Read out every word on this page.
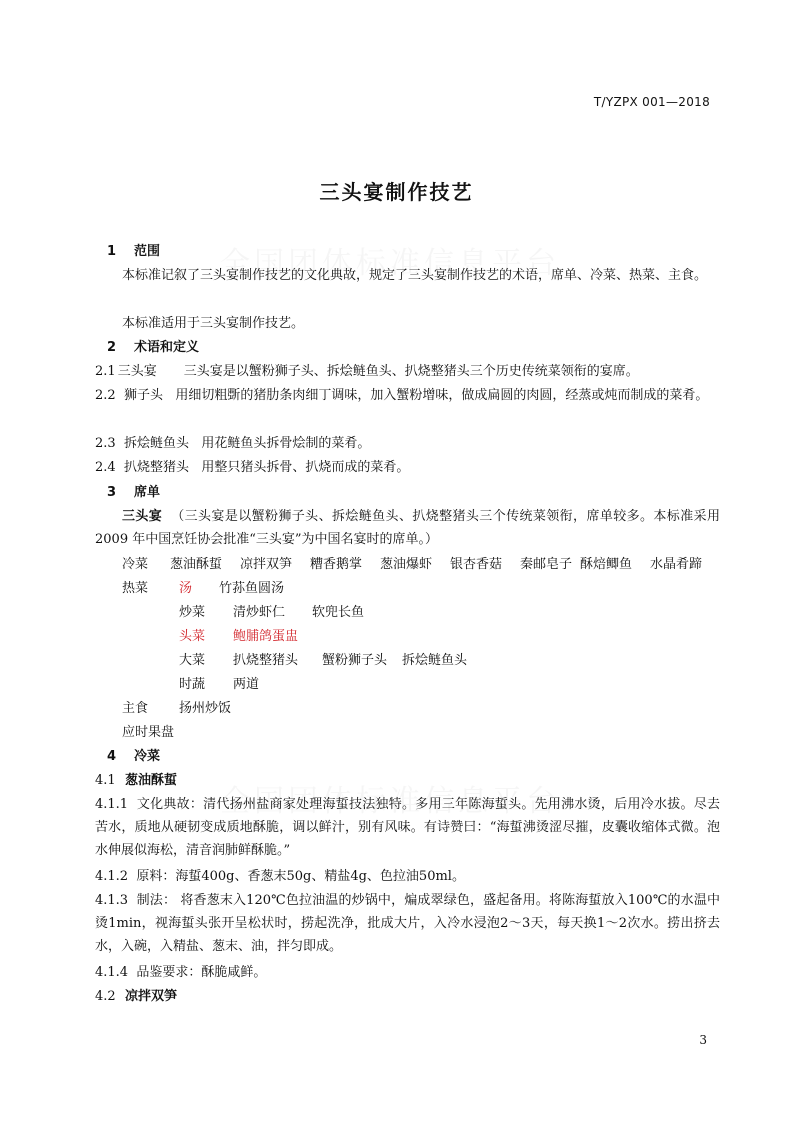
T/YZPX 001—2018
三头宴制作技艺
1 范围
本标准记叙了三头宴制作技艺的文化典故，规定了三头宴制作技艺的术语，席单、冷菜、热菜、主食。
本标准适用于三头宴制作技艺。
2 术语和定义
2.1 三头宴 三头宴是以蟹粉狮子头、拆烩鲢鱼头、扒烧整猪头三个历史传统菜领衔的宴席。
2.2 狮子头 用细切粗斲的猪肋条肉细丁调味，加入蟹粉增味，做成扁圆的肉圆，经蒸或炖而制成的菜肴。
2.3 拆烩鲢鱼头 用花鲢鱼头拆骨烩制的菜肴。
2.4 扒烧整猪头 用整只猪头拆骨、扒烧而成的菜肴。
3 席单
三头宴 （三头宴是以蟹粉狮子头、拆烩鲢鱼头、扒烧整猪头三个传统菜领衔，席单较多。本标准采用 2009 年中国烹饪协会批准“三头宴”为中国名宴时的席单。）
冷菜 葱油酥蜇 凉拌双笋 糟香鹅掌 葱油爆虾 银杏香菇 秦邮皂子 酥焙鲫鱼 水晶肴蹄
热菜 汤 竹荪鱼圆汤
炒菜 清炒虾仁 软兜长鱼
头菜 鲍脯鸽蛋盅
大菜 扒烧整猪头 蟹粉狮子头 拆烩鲢鱼头
时蔬 两道
主食 扬州炒饭
应时果盘
4 冷菜
4.1 葱油酥蜇
4.1.1 文化典故：清代扬州盐商家处理海蜇技法独特。多用三年陈海蜇头。先用沸水烫，后用冷水拔。尽去苦水，质地从硬韧变成质地酥脆，调以鲜汁，别有风味。有诗赞曰：“海蜇沸烫涩尽摧，皮囊收缩体式微。泡水伸展似海松，清音润肺鲜酥脆。”
4.1.2 原料：海蜇400g、香葱末50g、精盐4g、色拉油50ml。
4.1.3 制法： 将香葱末入120℃色拉油温的炒锅中，煸成翠绿色，盛起备用。将陈海蜇放入100℃的水温中烫1min，视海蜇头张开呈松状时，捞起洗净，批成大片，入冷水浸泡2～3天，每天换1～2次水。捞出挤去水，入碗，入精盐、葱末、油，拌匀即成。
4.1.4 品鉴要求：酥脆咸鲜。
4.2 凉拌双笋
3
